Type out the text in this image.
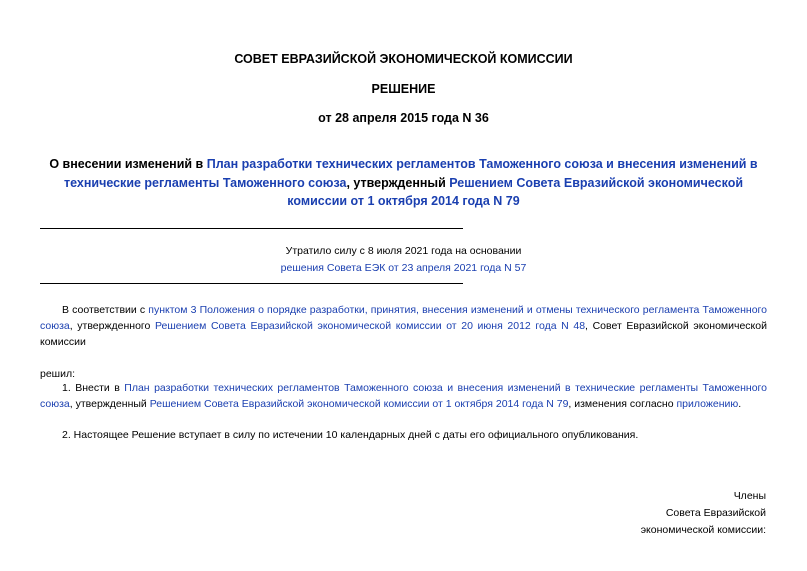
СОВЕТ ЕВРАЗИЙСКОЙ ЭКОНОМИЧЕСКОЙ КОМИССИИ
РЕШЕНИЕ
от 28 апреля 2015 года N 36
О внесении изменений в План разработки технических регламентов Таможенного союза и внесения изменений в технические регламенты Таможенного союза, утвержденный Решением Совета Евразийской экономической комиссии от 1 октября 2014 года N 79
Утратило силу с 8 июля 2021 года на основании
решения Совета ЕЭК от 23 апреля 2021 года N 57
В соответствии с пунктом 3 Положения о порядке разработки, принятия, внесения изменений и отмены технического регламента Таможенного союза, утвержденного Решением Совета Евразийской экономической комиссии от 20 июня 2012 года N 48, Совет Евразийской экономической комиссии
решил:
1. Внести в План разработки технических регламентов Таможенного союза и внесения изменений в технические регламенты Таможенного союза, утвержденный Решением Совета Евразийской экономической комиссии от 1 октября 2014 года N 79, изменения согласно приложению.
2. Настоящее Решение вступает в силу по истечении 10 календарных дней с даты его официального опубликования.
Члены
Совета Евразийской
экономической комиссии:
